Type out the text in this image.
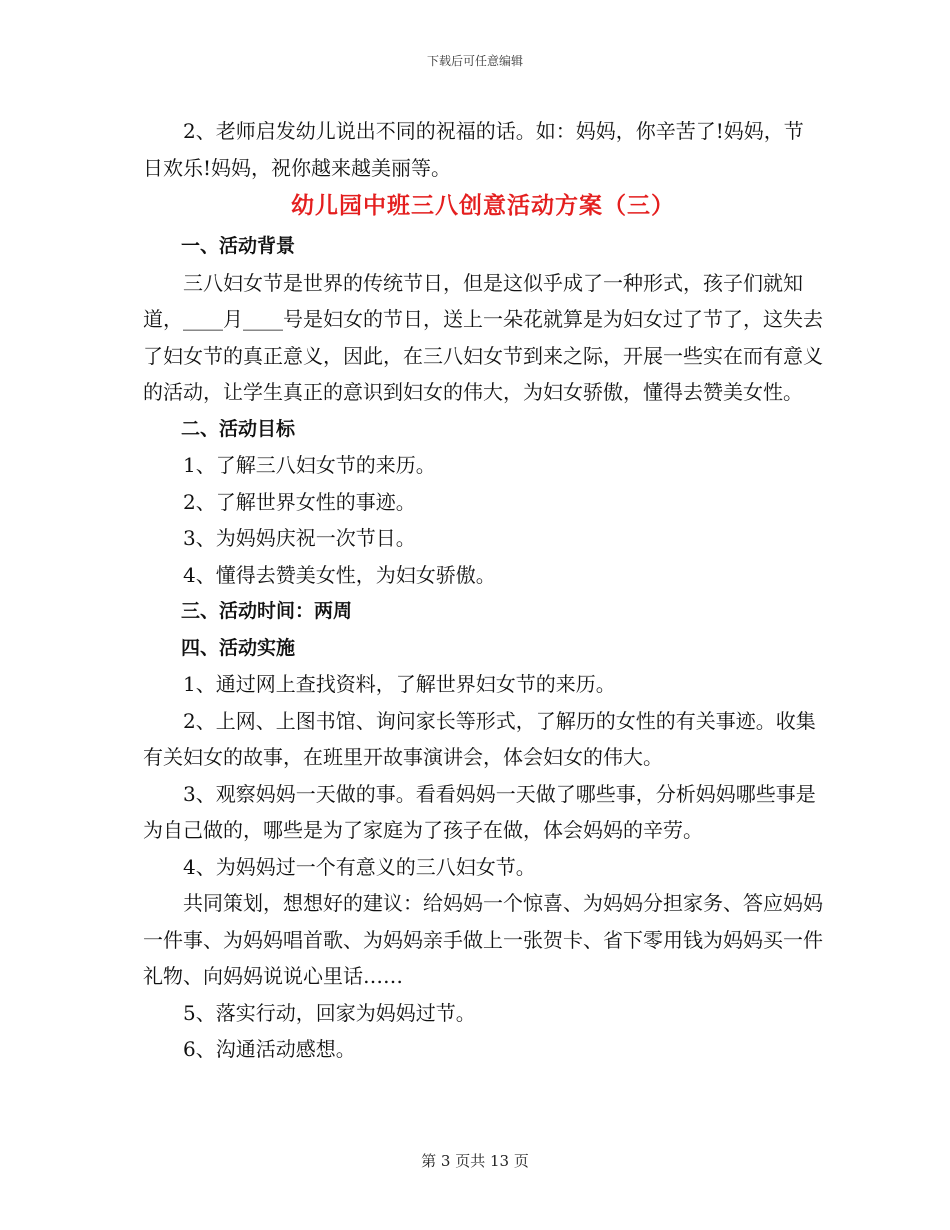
下载后可任意编辑

2、老师启发幼儿说出不同的祝福的话。如：妈妈，你辛苦了!妈妈，节日欢乐!妈妈，祝你越来越美丽等。

幼儿园中班三八创意活动方案（三）

一、活动背景

三八妇女节是世界的传统节日，但是这似乎成了一种形式，孩子们就知道，____月____号是妇女的节日，送上一朵花就算是为妇女过了节了，这失去了妇女节的真正意义，因此，在三八妇女节到来之际，开展一些实在而有意义的活动，让学生真正的意识到妇女的伟大，为妇女骄傲，懂得去赞美女性。

二、活动目标

1、了解三八妇女节的来历。

2、了解世界女性的事迹。

3、为妈妈庆祝一次节日。

4、懂得去赞美女性，为妇女骄傲。

三、活动时间：两周

四、活动实施

1、通过网上查找资料，了解世界妇女节的来历。

2、上网、上图书馆、询问家长等形式，了解历的女性的有关事迹。收集有关妇女的故事，在班里开故事演讲会，体会妇女的伟大。

3、观察妈妈一天做的事。看看妈妈一天做了哪些事，分析妈妈哪些事是为自己做的，哪些是为了家庭为了孩子在做，体会妈妈的辛劳。

4、为妈妈过一个有意义的三八妇女节。

共同策划，想想好的建议：给妈妈一个惊喜、为妈妈分担家务、答应妈妈一件事、为妈妈唱首歌、为妈妈亲手做上一张贺卡、省下零用钱为妈妈买一件礼物、向妈妈说说心里话……

5、落实行动，回家为妈妈过节。

6、沟通活动感想。

第 3 页共 13 页
